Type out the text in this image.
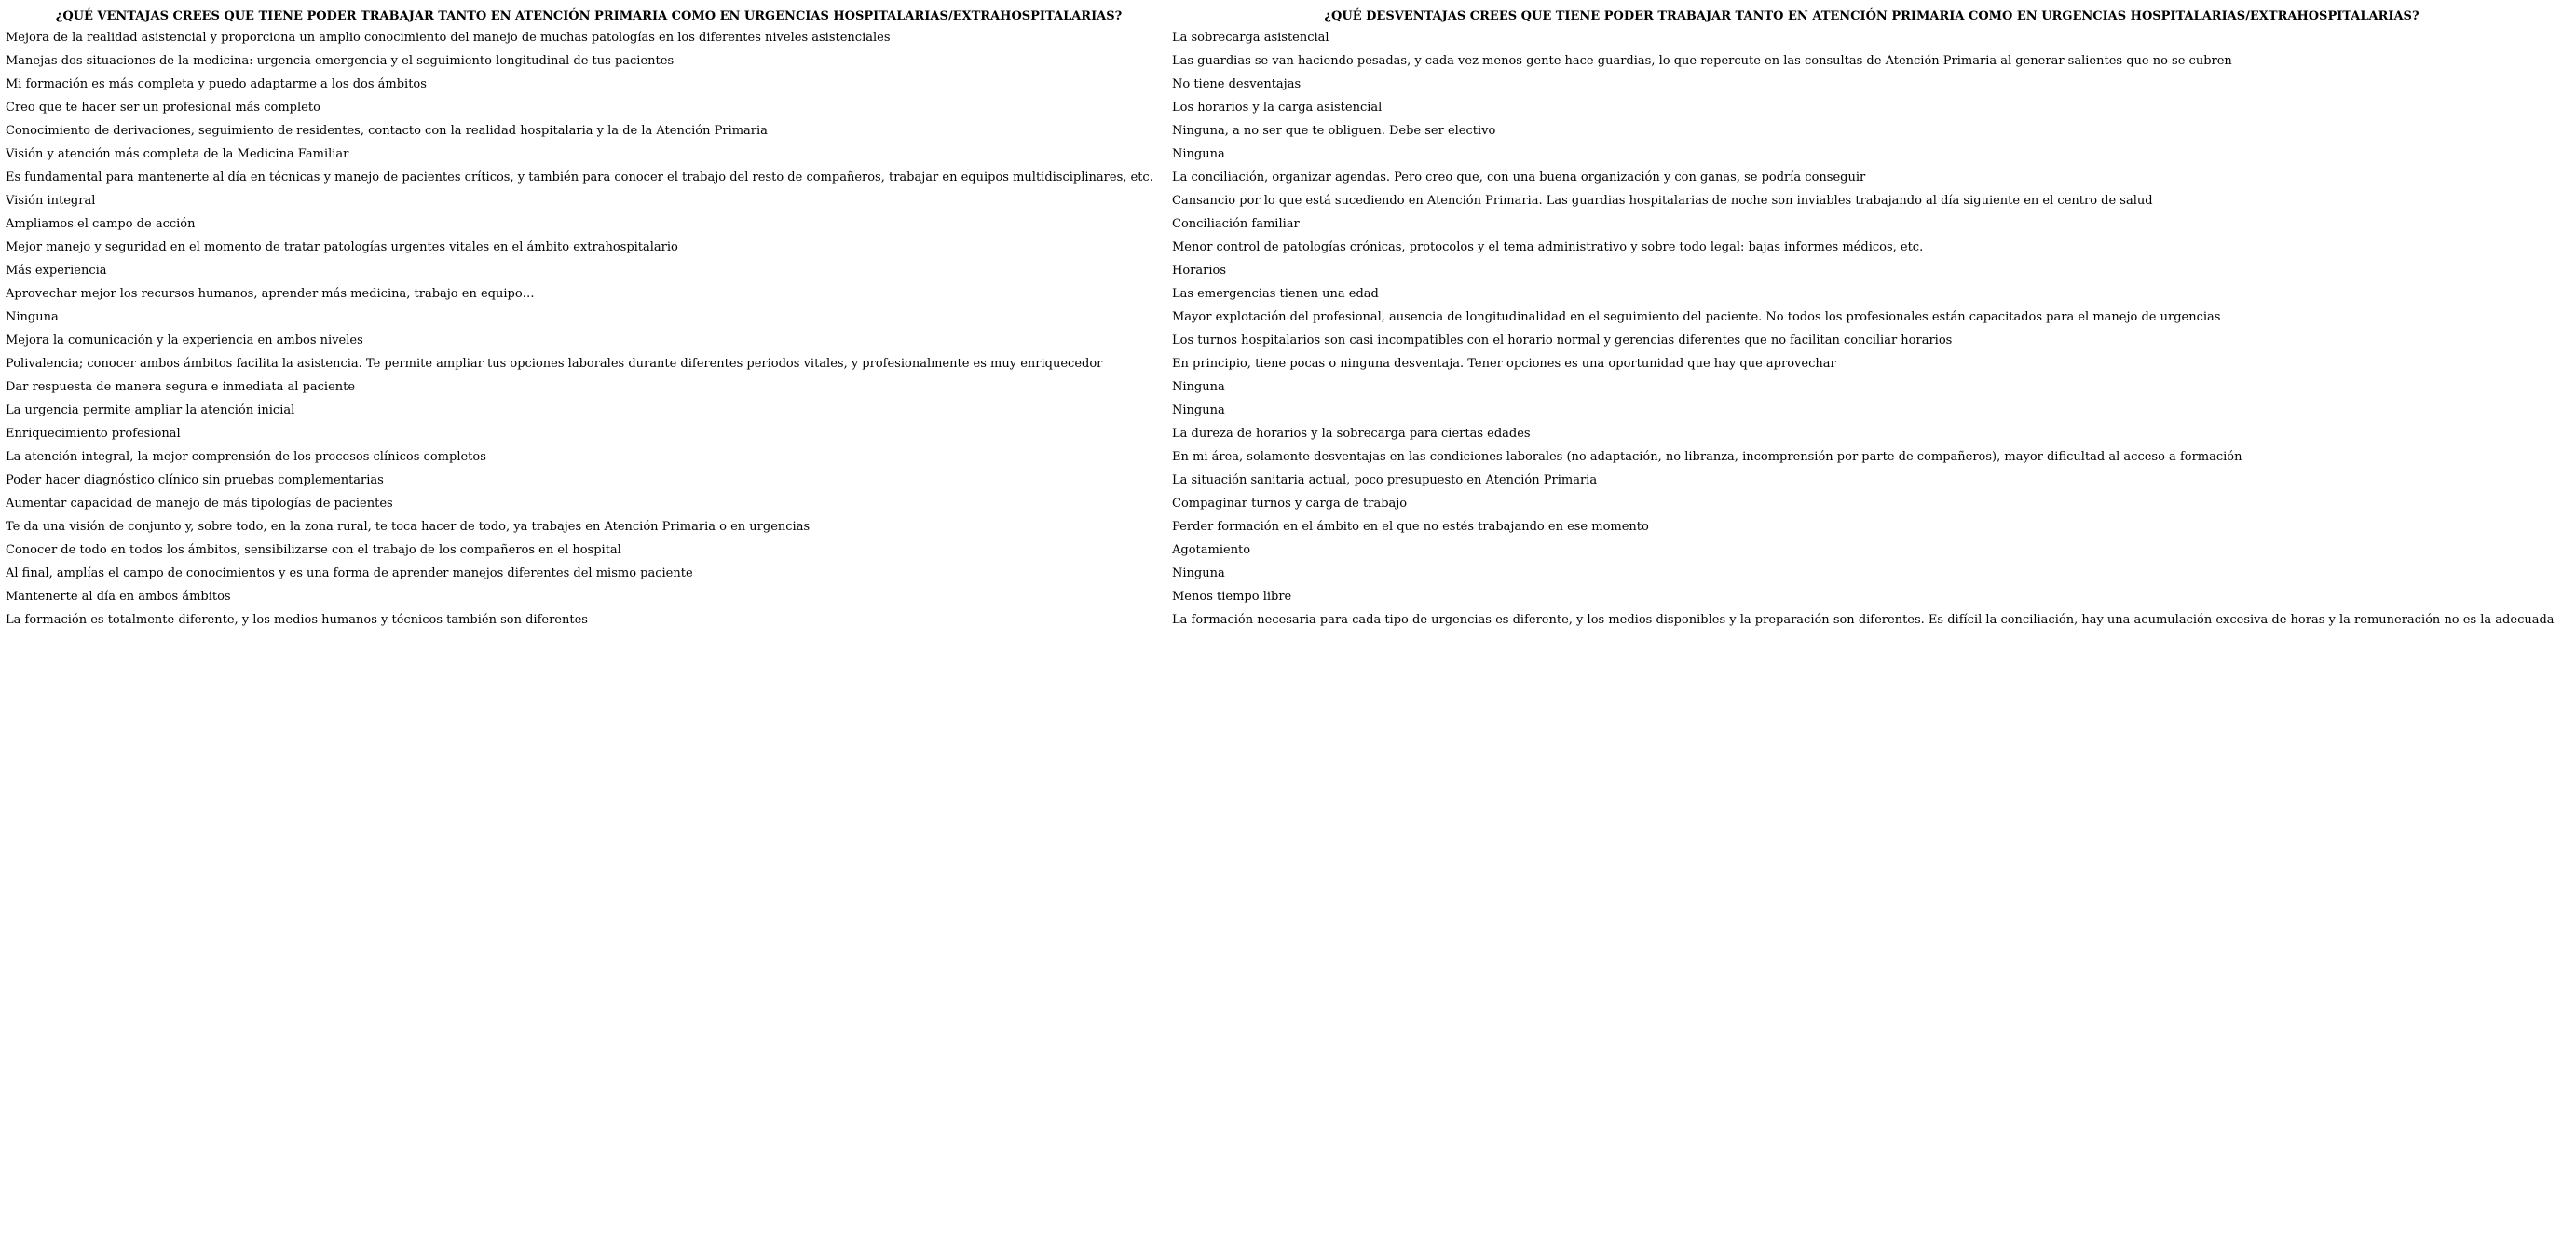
¿QUÉ VENTAJAS CREES QUE TIENE PODER TRABAJAR TANTO EN ATENCIÓN PRIMARIA COMO EN URGENCIAS HOSPITALARIAS/EXTRAHOSPITALARIAS?	¿QUÉ DESVENTAJAS CREES QUE TIENE PODER TRABAJAR TANTO EN ATENCIÓN PRIMARIA COMO EN URGENCIAS HOSPITALARIAS/EXTRAHOSPITALARIAS?
Mejora de la realidad asistencial y proporciona un amplio conocimiento del manejo de muchas patologías en los diferentes niveles asistenciales	La sobrecarga asistencial
Manejas dos situaciones de la medicina: urgencia emergencia y el seguimiento longitudinal de tus pacientes	Las guardias se van haciendo pesadas, y cada vez menos gente hace guardias, lo que repercute en las consultas de Atención Primaria al generar salientes que no se cubren
Mi formación es más completa y puedo adaptarme a los dos ámbitos	No tiene desventajas
Creo que te hacer ser un profesional más completo	Los horarios y la carga asistencial
Conocimiento de derivaciones, seguimiento de residentes, contacto con la realidad hospitalaria y la de la Atención Primaria	Ninguna, a no ser que te obliguen. Debe ser electivo
Visión y atención más completa de la Medicina Familiar	Ninguna
Es fundamental para mantenerte al día en técnicas y manejo de pacientes críticos, y también para conocer el trabajo del resto de compañeros, trabajar en equipos multidisciplinares, etc.	La conciliación, organizar agendas. Pero creo que, con una buena organización y con ganas, se podría conseguir
Visión integral	Cansancio por lo que está sucediendo en Atención Primaria. Las guardias hospitalarias de noche son inviables trabajando al día siguiente en el centro de salud
Ampliamos el campo de acción	Conciliación familiar
Mejor manejo y seguridad en el momento de tratar patologías urgentes vitales en el ámbito extrahospitalario	Menor control de patologías crónicas, protocolos y el tema administrativo y sobre todo legal: bajas informes médicos, etc.
Más experiencia	Horarios
Aprovechar mejor los recursos humanos, aprender más medicina, trabajo en equipo…	Las emergencias tienen una edad
Ninguna	Mayor explotación del profesional, ausencia de longitudinalidad en el seguimiento del paciente. No todos los profesionales están capacitados para el manejo de urgencias
Mejora la comunicación y la experiencia en ambos niveles	Los turnos hospitalarios son casi incompatibles con el horario normal y gerencias diferentes que no facilitan conciliar horarios
Polivalencia; conocer ambos ámbitos facilita la asistencia. Te permite ampliar tus opciones laborales durante diferentes periodos vitales, y profesionalmente es muy enriquecedor	En principio, tiene pocas o ninguna desventaja. Tener opciones es una oportunidad que hay que aprovechar
Dar respuesta de manera segura e inmediata al paciente	Ninguna
La urgencia permite ampliar la atención inicial	Ninguna
Enriquecimiento profesional	La dureza de horarios y la sobrecarga para ciertas edades
La atención integral, la mejor comprensión de los procesos clínicos completos	En mi área, solamente desventajas en las condiciones laborales (no adaptación, no libranza, incomprensión por parte de compañeros), mayor dificultad al acceso a formación
Poder hacer diagnóstico clínico sin pruebas complementarias	La situación sanitaria actual, poco presupuesto en Atención Primaria
Aumentar capacidad de manejo de más tipologías de pacientes	Compaginar turnos y carga de trabajo
Te da una visión de conjunto y, sobre todo, en la zona rural, te toca hacer de todo, ya trabajes en Atención Primaria o en urgencias	Perder formación en el ámbito en el que no estés trabajando en ese momento
Conocer de todo en todos los ámbitos, sensibilizarse con el trabajo de los compañeros en el hospital	Agotamiento
Al final, amplías el campo de conocimientos y es una forma de aprender manejos diferentes del mismo paciente	Ninguna
Mantenerte al día en ambos ámbitos	Menos tiempo libre
La formación es totalmente diferente, y los medios humanos y técnicos también son diferentes	La formación necesaria para cada tipo de urgencias es diferente, y los medios disponibles y la preparación son diferentes. Es difícil la conciliación, hay una acumulación excesiva de horas y la remuneración no es la adecuada
